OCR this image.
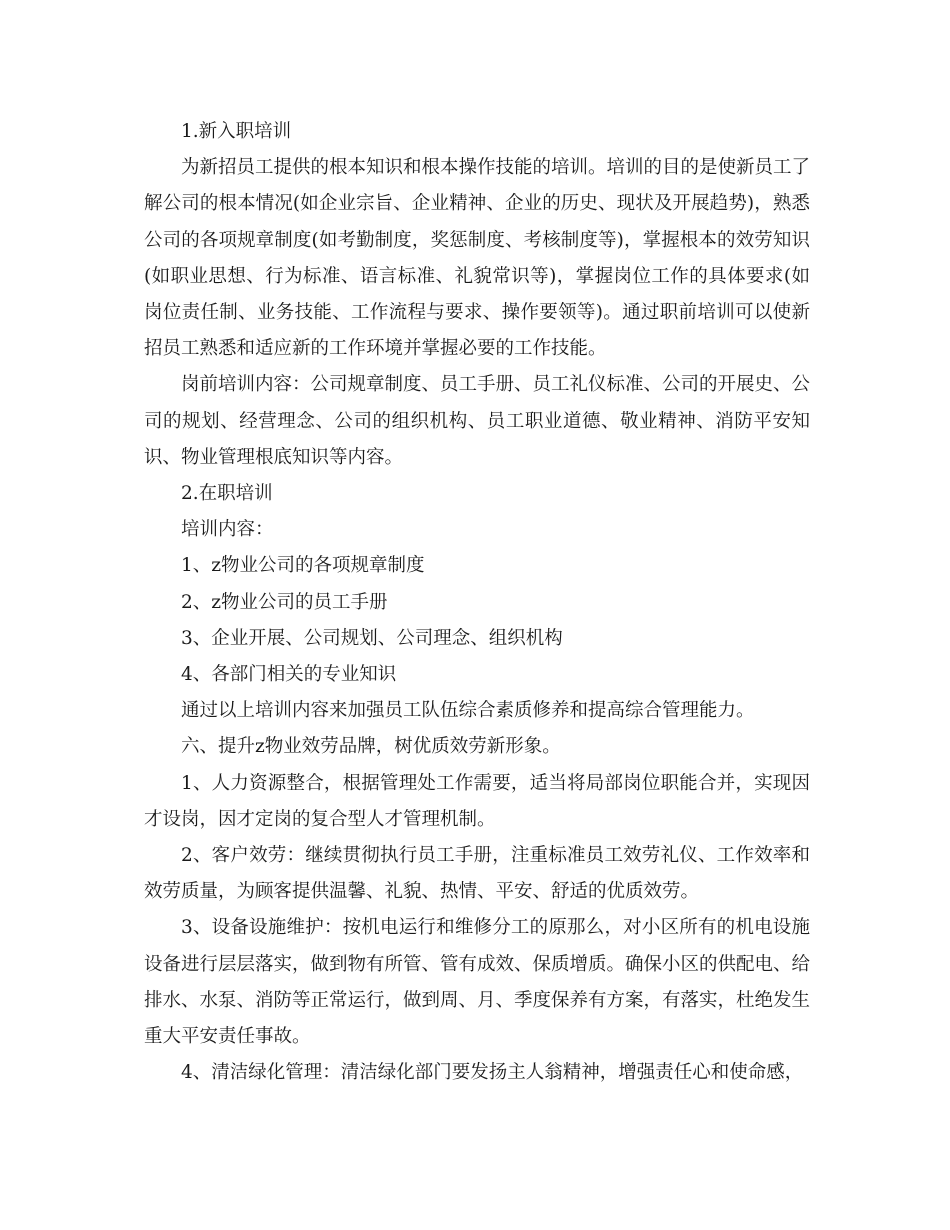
1.新入职培训

为新招员工提供的根本知识和根本操作技能的培训。培训的目的是使新员工了解公司的根本情况(如企业宗旨、企业精神、企业的历史、现状及开展趋势)，熟悉公司的各项规章制度(如考勤制度，奖惩制度、考核制度等)，掌握根本的效劳知识(如职业思想、行为标准、语言标准、礼貌常识等)，掌握岗位工作的具体要求(如岗位责任制、业务技能、工作流程与要求、操作要领等)。通过职前培训可以使新招员工熟悉和适应新的工作环境并掌握必要的工作技能。

岗前培训内容：公司规章制度、员工手册、员工礼仪标准、公司的开展史、公司的规划、经营理念、公司的组织机构、员工职业道德、敬业精神、消防平安知识、物业管理根底知识等内容。

2.在职培训

培训内容：

1、z物业公司的各项规章制度

2、z物业公司的员工手册

3、企业开展、公司规划、公司理念、组织机构

4、各部门相关的专业知识

通过以上培训内容来加强员工队伍综合素质修养和提高综合管理能力。

六、提升z物业效劳品牌，树优质效劳新形象。

1、人力资源整合，根据管理处工作需要，适当将局部岗位职能合并，实现因才设岗，因才定岗的复合型人才管理机制。

2、客户效劳：继续贯彻执行员工手册，注重标准员工效劳礼仪、工作效率和效劳质量，为顾客提供温馨、礼貌、热情、平安、舒适的优质效劳。

3、设备设施维护：按机电运行和维修分工的原那么，对小区所有的机电设施设备进行层层落实，做到物有所管、管有成效、保质增质。确保小区的供配电、给排水、水泵、消防等正常运行，做到周、月、季度保养有方案，有落实，杜绝发生重大平安责任事故。

4、清洁绿化管理：清洁绿化部门要发扬主人翁精神，增强责任心和使命感，
